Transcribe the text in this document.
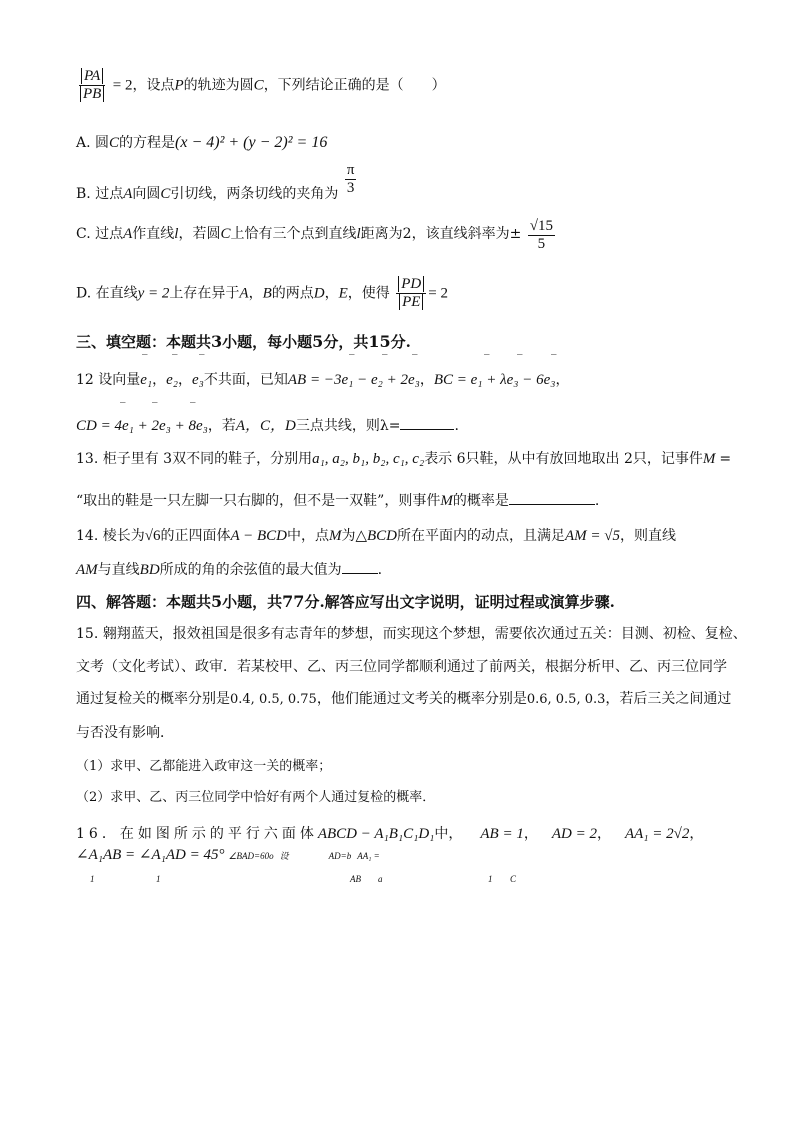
$\frac{PA}{PB} = 2$，设点P的轨迹为圆C，下列结论正确的是（　　）
A. 圆C的方程是(x − 4)² + (y − 2)² = 16
B. 过点A向圆C引切线，两条切线的夹角为 $\frac{\pi}{3}$
C. 过点A作直线l，若圆C上恰有三个点到直线l距离为2，该直线斜率为± $\frac{√15}{5}$
D. 在直线y = 2上存在异于A，B的两点D，E，使得 $\frac{PD}{PE} = 2$
三、填空题：本题共3小题，每小题5分，共15分.
‾ ‾ ‾	‾	‾ ‾	‾	‾	‾
12 设向量e₁，e₂，e₃不共面，已知AB = −3e₁ − e₂ + 2e₃，BC = e₁ + λe₃ − 6e₃，
‾ ‾	‾
CD = 4e₁ + 2e₃ + 8e₃，若A，C，D三点共线，则λ=	.
13. 柜子里有 3双不同的鞋子，分别用a₁, a₂, b₁, b₂, c₁, c₂表示 6只鞋，从中有放回地取出 2只，记事件M =
“取出的鞋是一只左脚一只右脚的，但不是一双鞋”，则事件M的概率是	.
14. 棱长为√6的正四面体A − BCD中，点M为△BCD所在平面内的动点，且满足AM = √5，则直线
AM与直线BD所成的角的余弦值的最大值为	.
四、解答题：本题共5小题，共77分.解答应写出文字说明，证明过程或演算步骤.
15. 翱翔蓝天，报效祖国是很多有志青年的梦想，而实现这个梦想，需要依次通过五关：目测、初检、复检、
文考（文化考试）、政审．若某校甲、乙、丙三位同学都顺利通过了前两关，根据分析甲、乙、丙三位同学
通过复检关的概率分别是0.4, 0.5, 0.75，他们能通过文考关的概率分别是0.6, 0.5, 0.3，若后三关之间通过
与否没有影响．
（1）求甲、乙都能进入政审这一关的概率；
（2）求甲、乙、丙三位同学中恰好有两个人通过复检的概率．
16．在如图所示的平行六面体ABCD − A₁B₁C₁D₁中， AB = 1， AD = 2， AA₁ = 2√2，
∠A₁AB = ∠A₁AD = 45° ∠BAD=60o 设	AD=b AA₁ =
1	1	AB a	1 C
